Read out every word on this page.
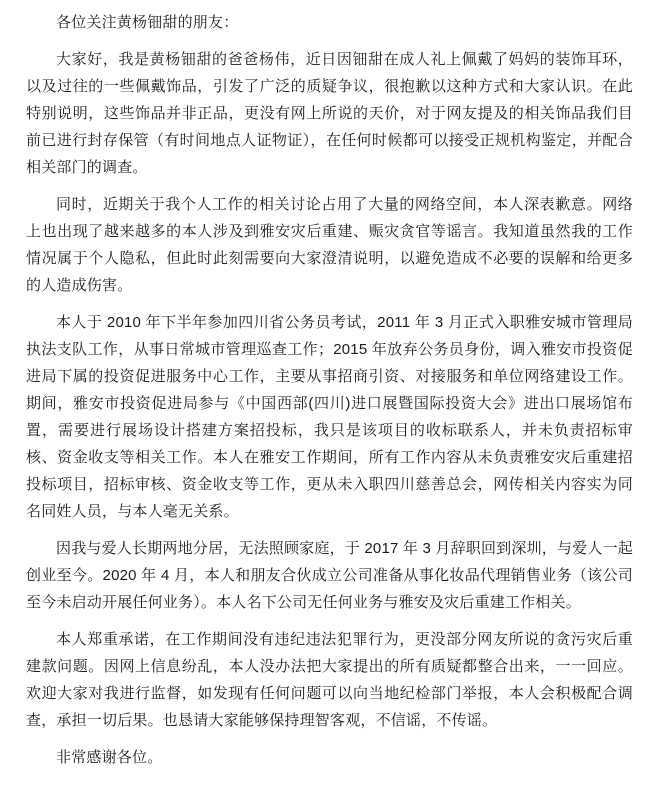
各位关注黄杨钿甜的朋友：

大家好，我是黄杨钿甜的爸爸杨伟，近日因钿甜在成人礼上佩戴了妈妈的装饰耳环，以及过往的一些佩戴饰品，引发了广泛的质疑争议，很抱歉以这种方式和大家认识。在此特别说明，这些饰品并非正品，更没有网上所说的天价，对于网友提及的相关饰品我们目前已进行封存保管（有时间地点人证物证），在任何时候都可以接受正规机构鉴定，并配合相关部门的调查。

同时，近期关于我个人工作的相关讨论占用了大量的网络空间，本人深表歉意。网络上也出现了越来越多的本人涉及到雅安灾后重建、赈灾贪官等谣言。我知道虽然我的工作情况属于个人隐私，但此时此刻需要向大家澄清说明，以避免造成不必要的误解和给更多的人造成伤害。

本人于 2010 年下半年参加四川省公务员考试，2011 年 3 月正式入职雅安城市管理局执法支队工作，从事日常城市管理巡查工作；2015 年放弃公务员身份，调入雅安市投资促进局下属的投资促进服务中心工作，主要从事招商引资、对接服务和单位网络建设工作。期间，雅安市投资促进局参与《中国西部(四川)进口展暨国际投资大会》进出口展场馆布置，需要进行展场设计搭建方案招投标，我只是该项目的收标联系人，并未负责招标审核、资金收支等相关工作。本人在雅安工作期间，所有工作内容从未负责雅安灾后重建招投标项目，招标审核、资金收支等工作，更从未入职四川慈善总会，网传相关内容实为同名同姓人员，与本人毫无关系。

因我与爱人长期两地分居，无法照顾家庭，于 2017 年 3 月辞职回到深圳，与爱人一起创业至今。2020 年 4 月，本人和朋友合伙成立公司准备从事化妆品代理销售业务（该公司至今未启动开展任何业务）。本人名下公司无任何业务与雅安及灾后重建工作相关。

本人郑重承诺，在工作期间没有违纪违法犯罪行为，更没部分网友所说的贪污灾后重建款问题。因网上信息纷乱，本人没办法把大家提出的所有质疑都整合出来，一一回应。欢迎大家对我进行监督，如发现有任何问题可以向当地纪检部门举报，本人会积极配合调查，承担一切后果。也恳请大家能够保持理智客观，不信谣，不传谣。

非常感谢各位。
